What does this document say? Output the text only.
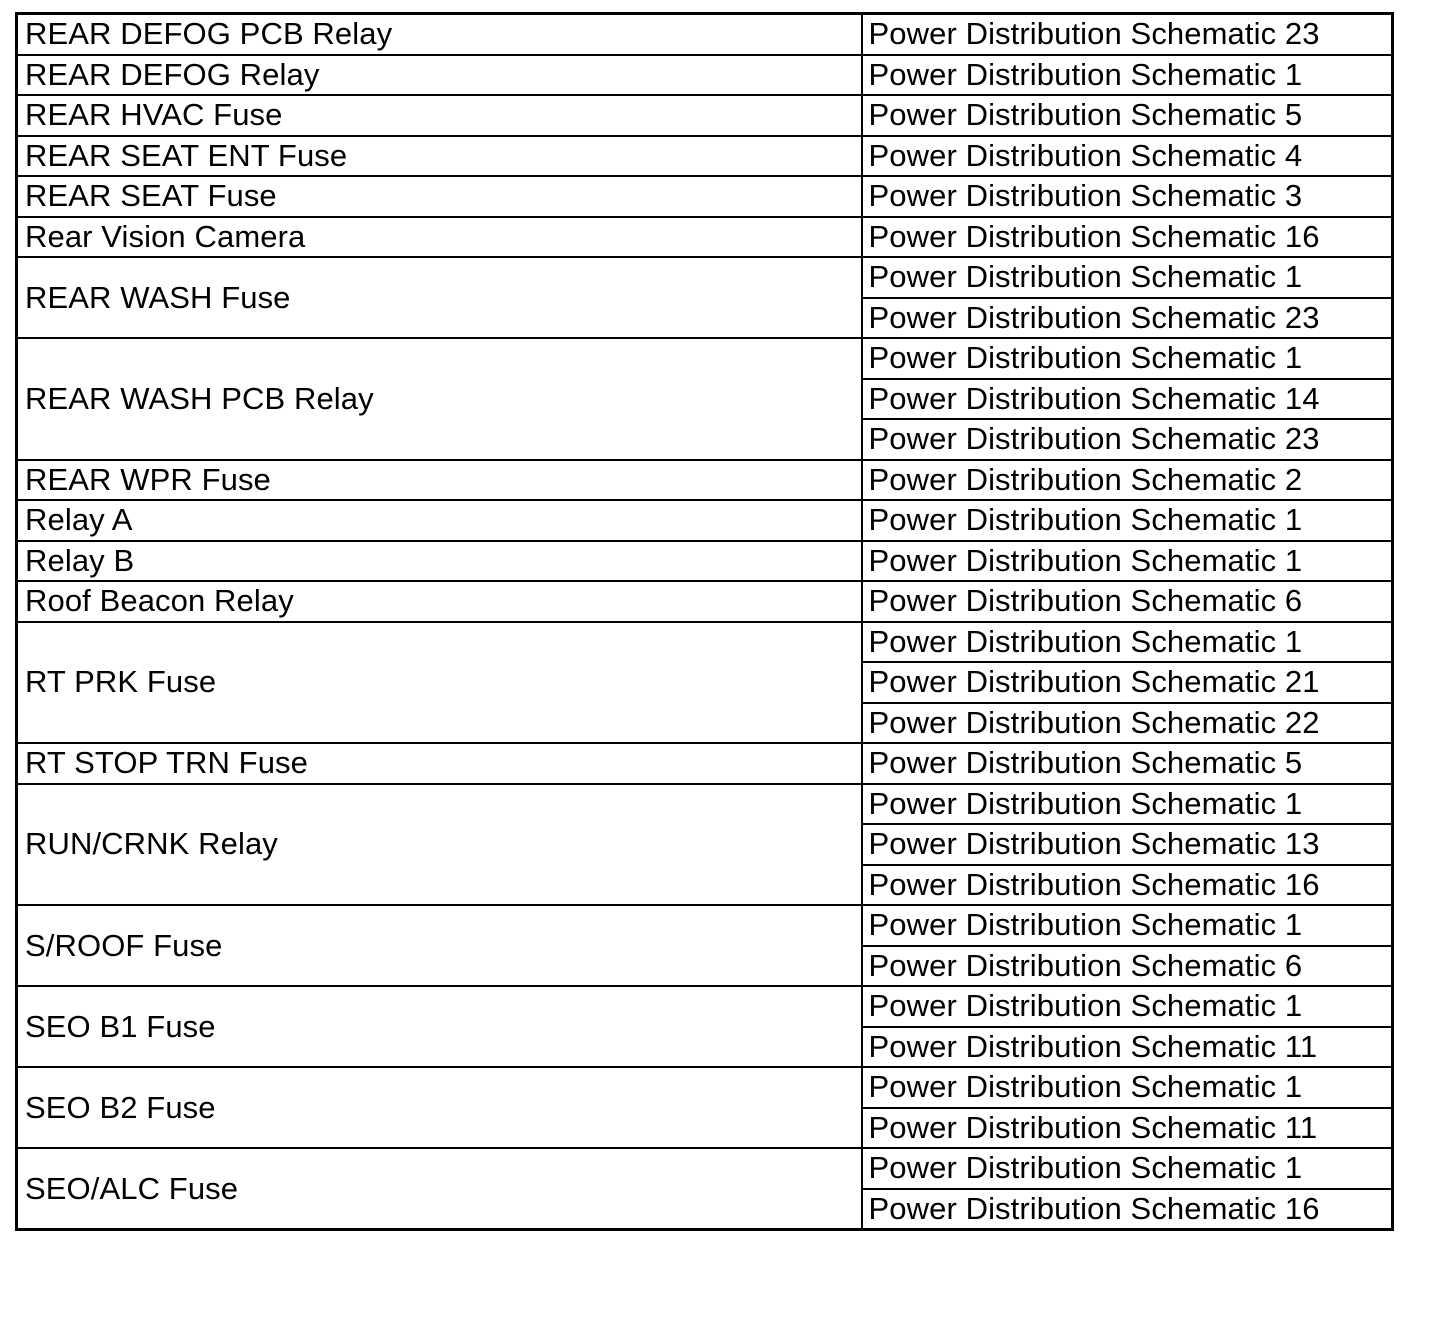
REAR DEFOG PCB Relay	Power Distribution Schematic 23
REAR DEFOG Relay	Power Distribution Schematic 1
REAR HVAC Fuse	Power Distribution Schematic 5
REAR SEAT ENT Fuse	Power Distribution Schematic 4
REAR SEAT Fuse	Power Distribution Schematic 3
Rear Vision Camera	Power Distribution Schematic 16
REAR WASH Fuse	Power Distribution Schematic 1
	Power Distribution Schematic 23
REAR WASH PCB Relay	Power Distribution Schematic 1
	Power Distribution Schematic 14
	Power Distribution Schematic 23
REAR WPR Fuse	Power Distribution Schematic 2
Relay A	Power Distribution Schematic 1
Relay B	Power Distribution Schematic 1
Roof Beacon Relay	Power Distribution Schematic 6
RT PRK Fuse	Power Distribution Schematic 1
	Power Distribution Schematic 21
	Power Distribution Schematic 22
RT STOP TRN Fuse	Power Distribution Schematic 5
RUN/CRNK Relay	Power Distribution Schematic 1
	Power Distribution Schematic 13
	Power Distribution Schematic 16
S/ROOF Fuse	Power Distribution Schematic 1
	Power Distribution Schematic 6
SEO B1 Fuse	Power Distribution Schematic 1
	Power Distribution Schematic 11
SEO B2 Fuse	Power Distribution Schematic 1
	Power Distribution Schematic 11
SEO/ALC Fuse	Power Distribution Schematic 1
	Power Distribution Schematic 16
